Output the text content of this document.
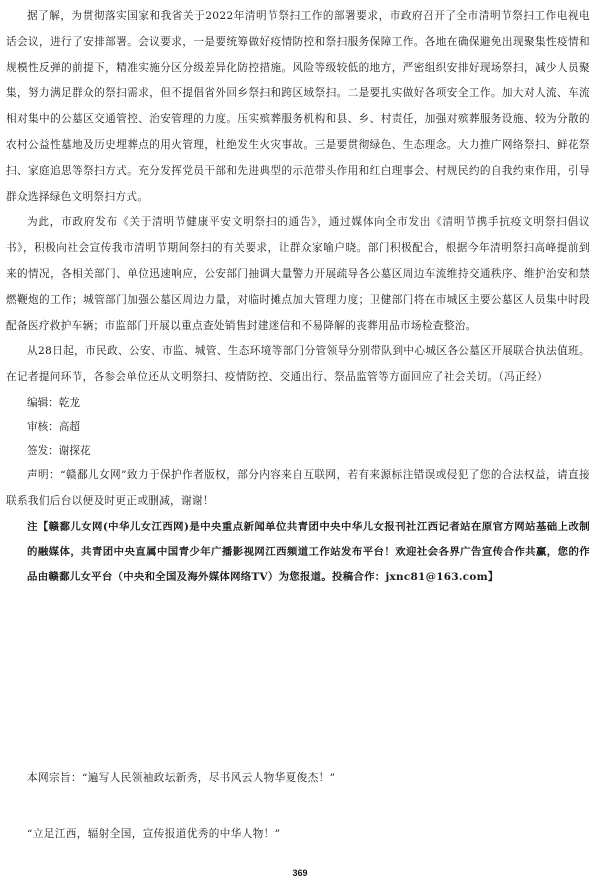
据了解，为贯彻落实国家和我省关于2022年清明节祭扫工作的部署要求，市政府召开了全市清明节祭扫工作电视电话会议，进行了安排部署。会议要求，一是要统筹做好疫情防控和祭扫服务保障工作。各地在确保避免出现聚集性疫情和规模性反弹的前提下，精准实施分区分级差异化防控措施。风险等级较低的地方，严密组织安排好现场祭扫，减少人员聚集，努力满足群众的祭扫需求，但不提倡省外回乡祭扫和跨区域祭扫。二是要扎实做好各项安全工作。加大对人流、车流相对集中的公墓区交通管控、治安管理的力度。压实殡葬服务机构和县、乡、村责任，加强对殡葬服务设施、较为分散的农村公益性墓地及历史埋葬点的用火管理，杜绝发生火灾事故。三是要贯彻绿色、生态理念。大力推广网络祭扫、鲜花祭扫、家庭追思等祭扫方式。充分发挥党员干部和先进典型的示范带头作用和红白理事会、村规民约的自我约束作用，引导群众选择绿色文明祭扫方式。

为此，市政府发布《关于清明节健康平安文明祭扫的通告》，通过媒体向全市发出《清明节携手抗疫文明祭扫倡议书》，积极向社会宣传我市清明节期间祭扫的有关要求，让群众家喻户晓。部门积极配合，根据今年清明祭扫高峰提前到来的情况，各相关部门、单位迅速响应，公安部门抽调大量警力开展疏导各公墓区周边车流维持交通秩序、维护治安和禁燃鞭炮的工作；城管部门加强公墓区周边力量，对临时摊点加大管理力度；卫健部门将在市城区主要公墓区人员集中时段配备医疗救护车辆；市监部门开展以重点查处销售封建迷信和不易降解的丧葬用品市场检查整治。

从28日起，市民政、公安、市监、城管、生态环境等部门分管领导分别带队到中心城区各公墓区开展联合执法值班。在记者提问环节，各参会单位还从文明祭扫、疫情防控、交通出行、祭品监管等方面回应了社会关切。（冯正经）

编辑：乾龙

审核：高超

签发：谢探花

声明：“赣鄱儿女网”致力于保护作者版权，部分内容来自互联网，若有来源标注错误或侵犯了您的合法权益，请直接联系我们后台以便及时更正或删减，谢谢！

注【赣鄱儿女网(中华儿女江西网)是中央重点新闻单位共青团中央中华儿女报刊社江西记者站在原官方网站基础上改制的融媒体，共青团中央直属中国青少年广播影视网江西频道工作站发布平台！欢迎社会各界广告宣传合作共赢，您的作品由赣鄱儿女平台（中央和全国及海外媒体网络TV）为您报道。投稿合作：jxnc81@163.com】

本网宗旨：“遍写人民领袖政坛新秀，尽书风云人物华夏俊杰！”

“立足江西，辐射全国，宣传报道优秀的中华人物！”

369
